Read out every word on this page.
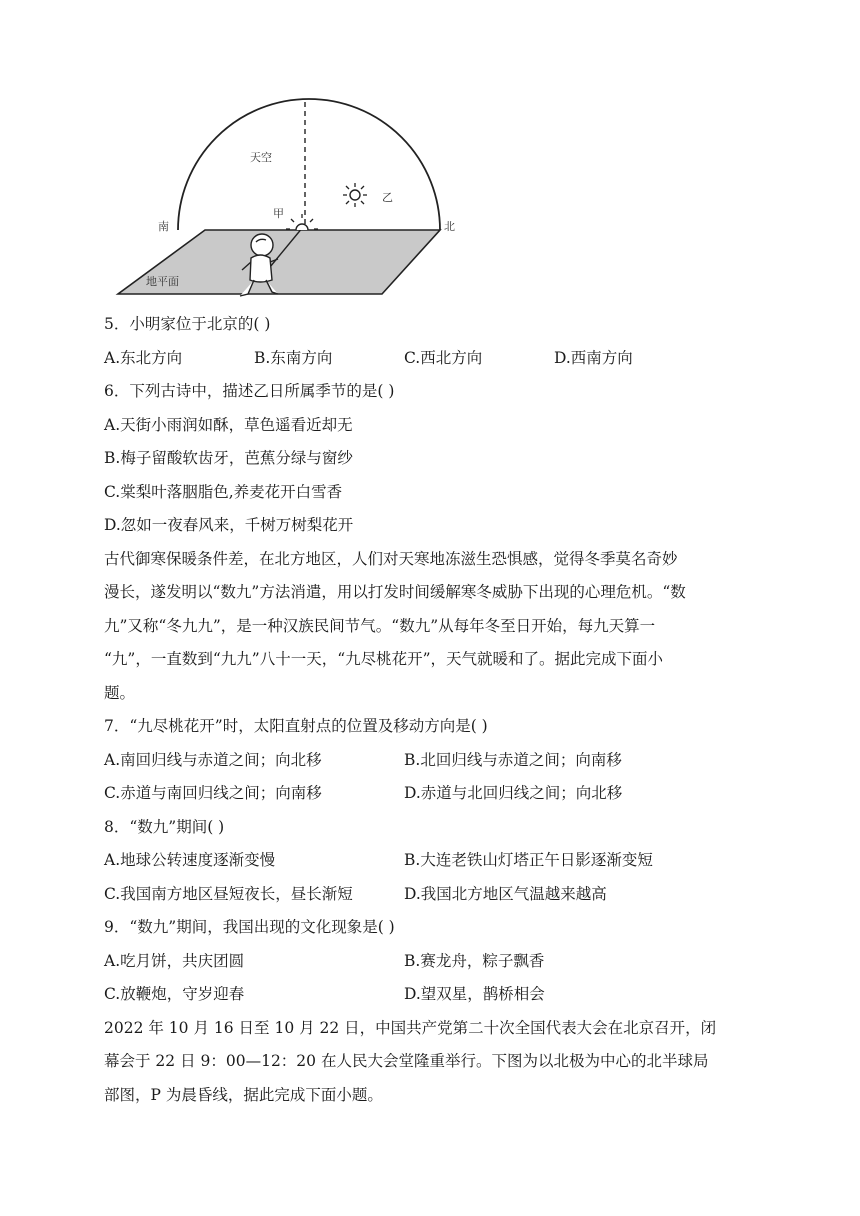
南	北
天空
地平面
甲
乙
5．小明家位于北京的( )
A.东北方向	B.东南方向	C.西北方向	D.西南方向
6．下列古诗中，描述乙日所属季节的是( )
A.天街小雨润如酥，草色遥看近却无
B.梅子留酸软齿牙，芭蕉分绿与窗纱
C.棠梨叶落胭脂色,养麦花开白雪香
D.忽如一夜春风来，千树万树梨花开
古代御寒保暖条件差，在北方地区，人们对天寒地冻滋生恐惧感，觉得冬季莫名奇妙
漫长，遂发明以“数九”方法消遣，用以打发时间缓解寒冬威胁下出现的心理危机。“数
九”又称“冬九九”，是一种汉族民间节气。“数九”从每年冬至日开始，每九天算一
“九”，一直数到“九九”八十一天，“九尽桃花开”，天气就暖和了。据此完成下面小
题。
7．“九尽桃花开”时，太阳直射点的位置及移动方向是( )
A.南回归线与赤道之间；向北移	B.北回归线与赤道之间；向南移
C.赤道与南回归线之间；向南移	D.赤道与北回归线之间；向北移
8．“数九”期间( )
A.地球公转速度逐渐变慢	B.大连老铁山灯塔正午日影逐渐变短
C.我国南方地区昼短夜长，昼长渐短	D.我国北方地区气温越来越高
9．“数九”期间，我国出现的文化现象是( )
A.吃月饼，共庆团圆	B.赛龙舟，粽子飘香
C.放鞭炮，守岁迎春	D.望双星，鹊桥相会
2022 年 10 月 16 日至 10 月 22 日，中国共产党第二十次全国代表大会在北京召开，闭
幕会于 22 日 9：00—12：20 在人民大会堂隆重举行。下图为以北极为中心的北半球局
部图，P 为晨昏线，据此完成下面小题。
